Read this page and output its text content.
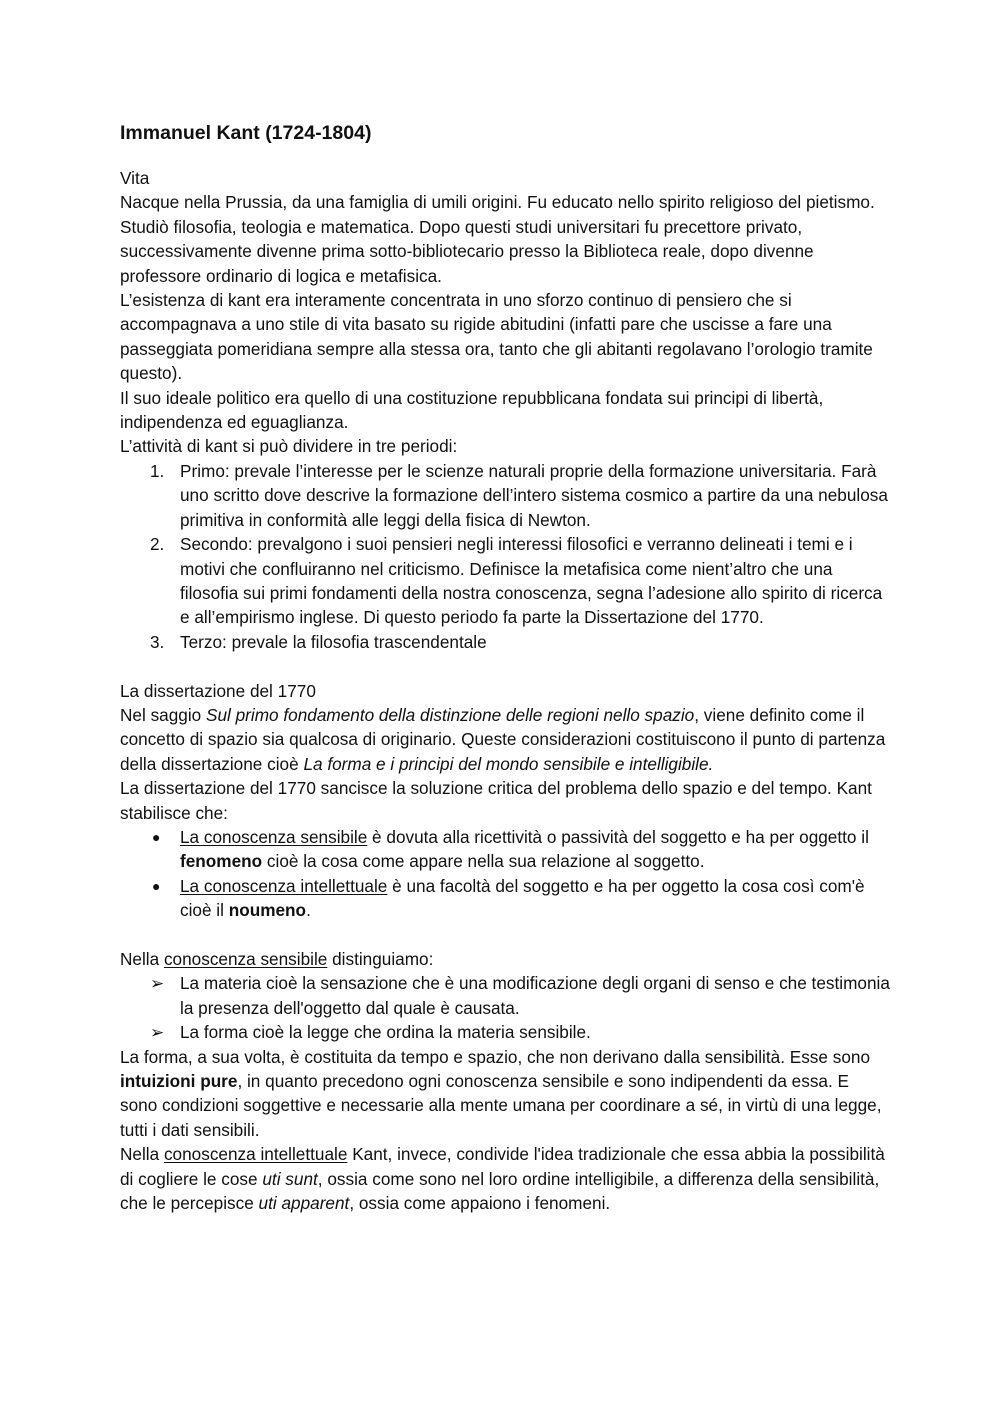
Immanuel Kant (1724-1804)

Vita

Nacque nella Prussia, da una famiglia di umili origini. Fu educato nello spirito religioso del pietismo. Studiò filosofia, teologia e matematica. Dopo questi studi universitari fu precettore privato, successivamente divenne prima sotto-bibliotecario presso la Biblioteca reale, dopo divenne professore ordinario di logica e metafisica.

L’esistenza di kant era interamente concentrata in uno sforzo continuo di pensiero che si accompagnava a uno stile di vita basato su rigide abitudini (infatti pare che uscisse a fare una passeggiata pomeridiana sempre alla stessa ora, tanto che gli abitanti regolavano l’orologio tramite questo).

Il suo ideale politico era quello di una costituzione repubblicana fondata sui principi di libertà, indipendenza ed eguaglianza.

L’attività di kant si può dividere in tre periodi:

1. Primo: prevale l’interesse per le scienze naturali proprie della formazione universitaria. Farà uno scritto dove descrive la formazione dell’intero sistema cosmico a partire da una nebulosa primitiva in conformità alle leggi della fisica di Newton.
2. Secondo: prevalgono i suoi pensieri negli interessi filosofici e verranno delineati i temi e i motivi che confluiranno nel criticismo. Definisce la metafisica come nient’altro che una filosofia sui primi fondamenti della nostra conoscenza, segna l’adesione allo spirito di ricerca e all’empirismo inglese. Di questo periodo fa parte la Dissertazione del 1770.
3. Terzo: prevale la filosofia trascendentale

La dissertazione del 1770

Nel saggio Sul primo fondamento della distinzione delle regioni nello spazio, viene definito come il concetto di spazio sia qualcosa di originario. Queste considerazioni costituiscono il punto di partenza della dissertazione cioè La forma e i principi del mondo sensibile e intelligibile.

La dissertazione del 1770 sancisce la soluzione critica del problema dello spazio e del tempo. Kant stabilisce che:

● La conoscenza sensibile è dovuta alla ricettività o passività del soggetto e ha per oggetto il fenomeno cioè la cosa come appare nella sua relazione al soggetto.
● La conoscenza intellettuale è una facoltà del soggetto e ha per oggetto la cosa così com'è cioè il noumeno.

Nella conoscenza sensibile distinguiamo:

➢ La materia cioè la sensazione che è una modificazione degli organi di senso e che testimonia la presenza dell'oggetto dal quale è causata.
➢ La forma cioè la legge che ordina la materia sensibile.

La forma, a sua volta, è costituita da tempo e spazio, che non derivano dalla sensibilità. Esse sono intuizioni pure, in quanto precedono ogni conoscenza sensibile e sono indipendenti da essa. E sono condizioni soggettive e necessarie alla mente umana per coordinare a sé, in virtù di una legge, tutti i dati sensibili.

Nella conoscenza intellettuale Kant, invece, condivide l'idea tradizionale che essa abbia la possibilità di cogliere le cose uti sunt, ossia come sono nel loro ordine intelligibile, a differenza della sensibilità, che le percepisce uti apparent, ossia come appaiono i fenomeni.
